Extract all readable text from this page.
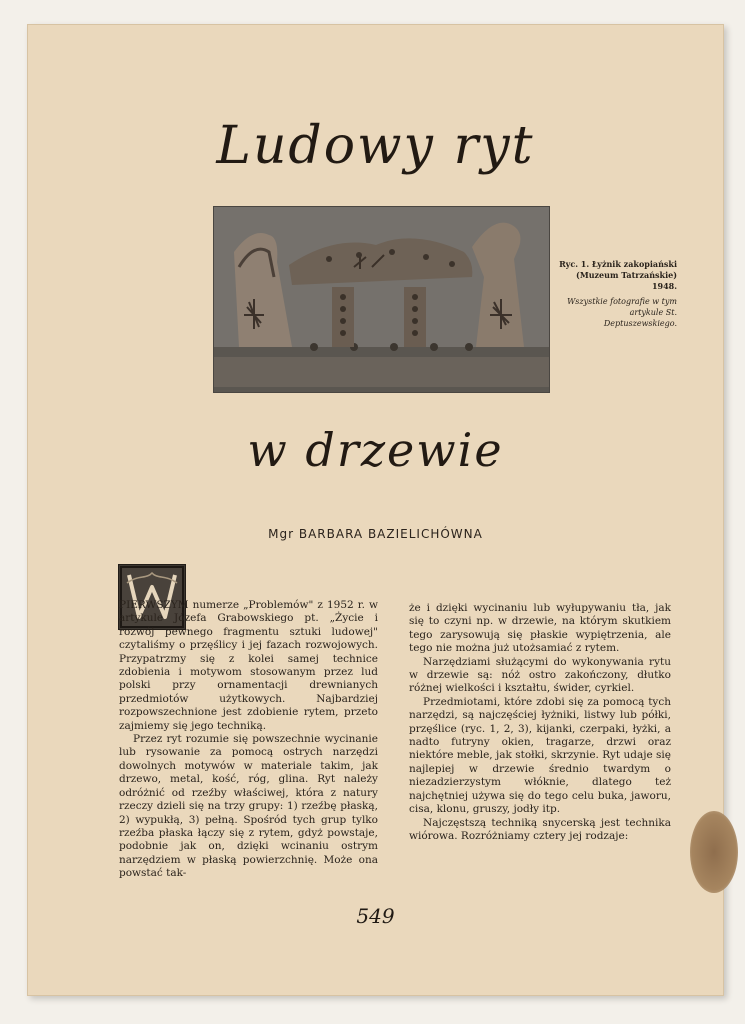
Ludowy ryt
Ryc. 1. Łyżnik zakopiański (Muzeum Tatrzańskie) 1948.
Wszystkie fotografie w tym artykule St. Deptuszewskiego.
w drzewie
Mgr BARBARA BAZIELICHÓWNA

PIERWSZYM numerze „Problemów" z 1952 r. w artykule Józefa Grabowskiego pt. „Życie i rozwój pewnego fragmentu sztuki ludowej" czytaliśmy o przęślicy i jej fazach rozwojowych. Przypatrzmy się z kolei samej technice zdobienia i motywom stosowanym przez lud polski przy ornamentacji drewnianych przedmiotów użytkowych. Najbardziej rozpowszechnione jest zdobienie rytem, przeto zajmiemy się jego techniką.

Przez ryt rozumie się powszechnie wycinanie lub rysowanie za pomocą ostrych narzędzi dowolnych motywów w materiale takim, jak drzewo, metal, kość, róg, glina. Ryt należy odróżnić od rzeźby właściwej, która z natury rzeczy dzieli się na trzy grupy: 1) rzeźbę płaską, 2) wypukłą, 3) pełną. Spośród tych grup tylko rzeźba płaska łączy się z rytem, gdyż powstaje, podobnie jak on, dzięki wcinaniu ostrym narzędziem w płaską powierzchnię. Może ona powstać tak-

że i dzięki wycinaniu lub wyłupywaniu tła, jak się to czyni np. w drzewie, na którym skutkiem tego zarysowują się płaskie wypiętrzenia, ale tego nie można już utożsamiać z rytem.

Narzędziami służącymi do wykonywania rytu w drzewie są: nóż ostro zakończony, dłutko różnej wielkości i kształtu, świder, cyrkiel.

Przedmiotami, które zdobi się za pomocą tych narzędzi, są najczęściej łyżniki, listwy lub półki, przęślice (ryc. 1, 2, 3), kijanki, czerpaki, łyżki, a nadto futryny okien, tragarze, drzwi oraz niektóre meble, jak stołki, skrzynie. Ryt udaje się najlepiej w drzewie średnio twardym o niezadzierzystym włóknie, dlatego też najchętniej używa się do tego celu buka, jaworu, cisa, klonu, gruszy, jodły itp.

Najczęstszą techniką snycerską jest technika wiórowa. Rozróżniamy cztery jej rodzaje:

549
